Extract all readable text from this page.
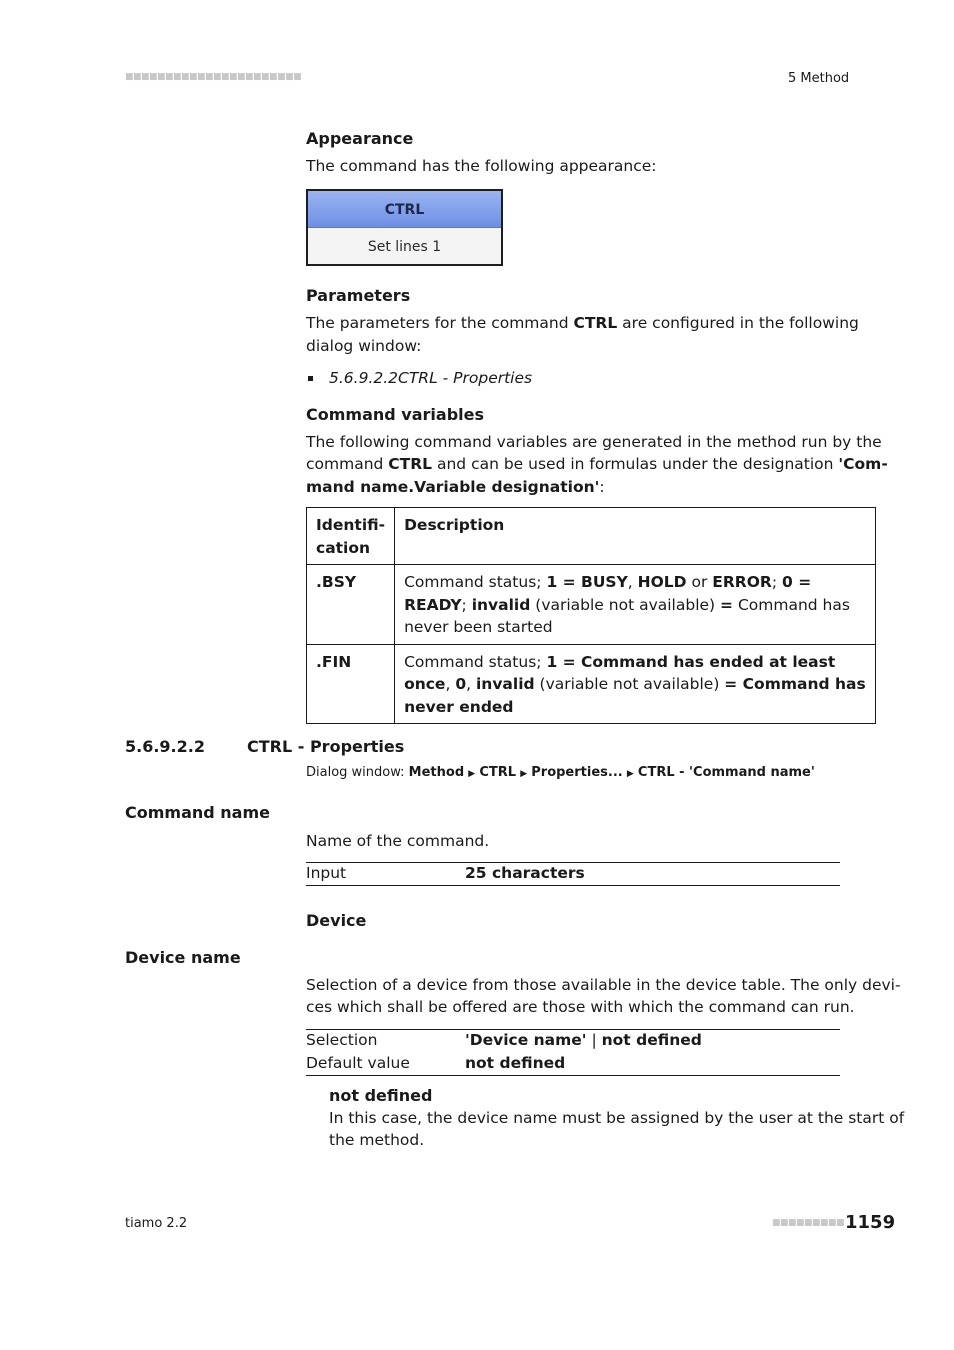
■■■■■■■■■■■■■■■■■■■■■■	5 Method
Appearance
The command has the following appearance:
CTRL
Set lines 1
Parameters
The parameters for the command CTRL are configured in the following
dialog window:
5.6.9.2.2CTRL - Properties
Command variables
The following command variables are generated in the method run by the
command CTRL and can be used in formulas under the designation 'Com-
mand name.Variable designation':
Identifi-
cation	Description
.BSY	Command status; 1 = BUSY, HOLD or ERROR; 0 =
READY; invalid (variable not available) = Command has
never been started
.FIN	Command status; 1 = Command has ended at least
once, 0, invalid (variable not available) = Command has
never ended
5.6.9.2.2	CTRL - Properties
Dialog window: Method ▶ CTRL ▶ Properties... ▶ CTRL - 'Command name'
Command name
Name of the command.
Input	25 characters
Device
Device name
Selection of a device from those available in the device table. The only devi-
ces which shall be offered are those with which the command can run.
Selection	'Device name' | not defined
Default value	not defined
not defined
In this case, the device name must be assigned by the user at the start of
the method.
tiamo 2.2	■■■■■■■■■ 1159
